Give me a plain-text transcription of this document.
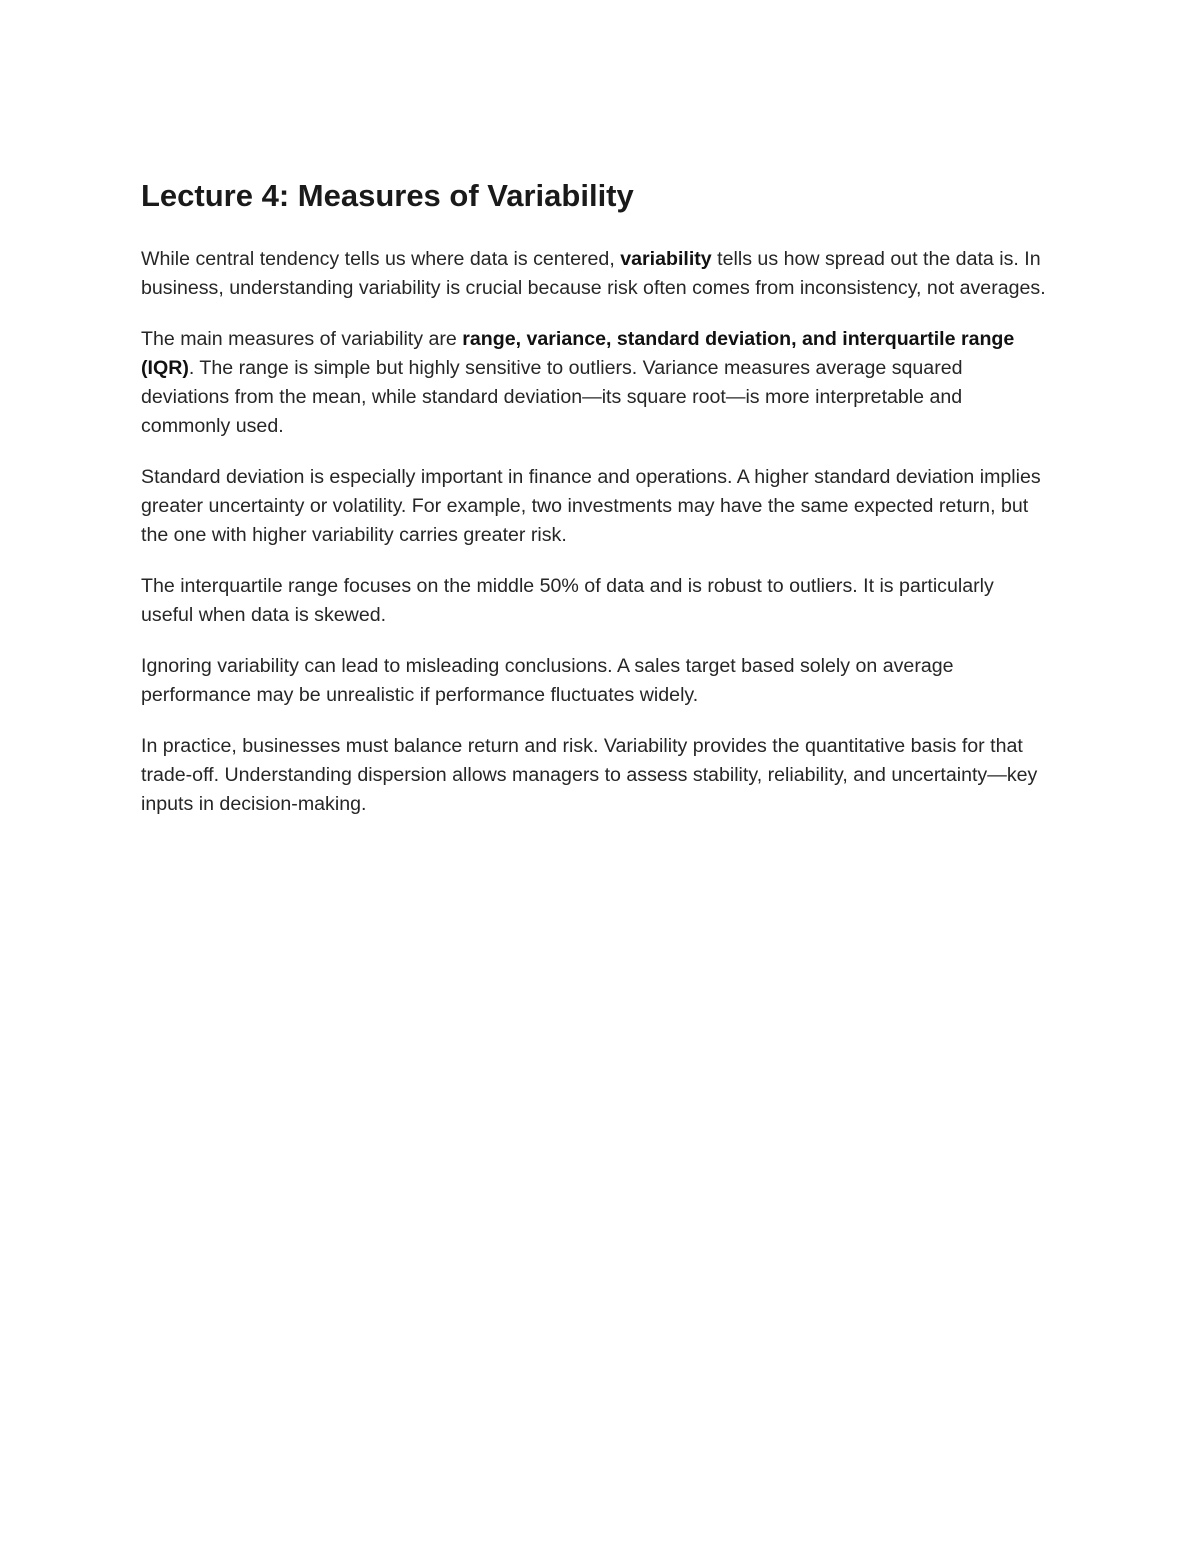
Lecture 4: Measures of Variability

While central tendency tells us where data is centered, variability tells us how spread out the data is. In business, understanding variability is crucial because risk often comes from inconsistency, not averages.

The main measures of variability are range, variance, standard deviation, and interquartile range (IQR). The range is simple but highly sensitive to outliers. Variance measures average squared deviations from the mean, while standard deviation—its square root—is more interpretable and commonly used.

Standard deviation is especially important in finance and operations. A higher standard deviation implies greater uncertainty or volatility. For example, two investments may have the same expected return, but the one with higher variability carries greater risk.

The interquartile range focuses on the middle 50% of data and is robust to outliers. It is particularly useful when data is skewed.

Ignoring variability can lead to misleading conclusions. A sales target based solely on average performance may be unrealistic if performance fluctuates widely.

In practice, businesses must balance return and risk. Variability provides the quantitative basis for that trade-off. Understanding dispersion allows managers to assess stability, reliability, and uncertainty—key inputs in decision-making.
